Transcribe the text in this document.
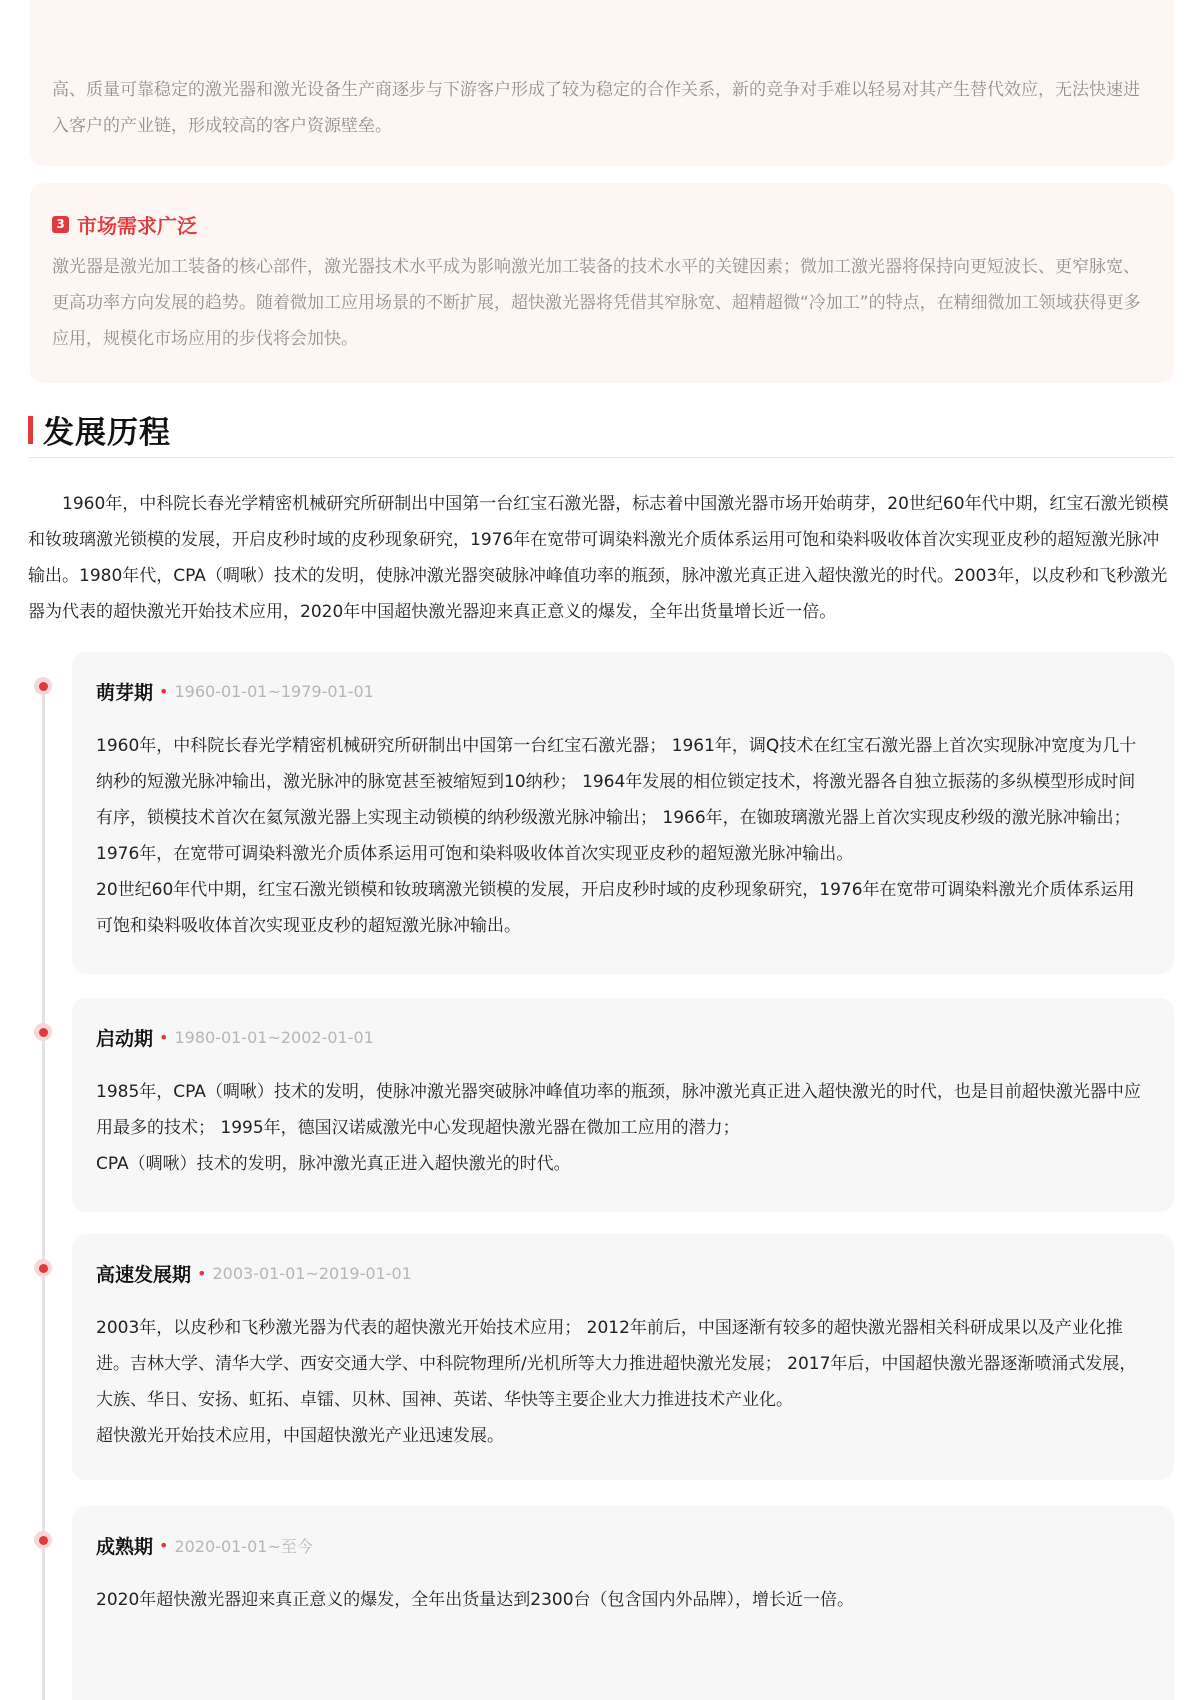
高、质量可靠稳定的激光器和激光设备生产商逐步与下游客户形成了较为稳定的合作关系，新的竞争对手难以轻易对其产生替代效应，无法快速进入客户的产业链，形成较高的客户资源壁垒。

3 市场需求广泛

激光器是激光加工装备的核心部件，激光器技术水平成为影响激光加工装备的技术水平的关键因素；微加工激光器将保持向更短波长、更窄脉宽、更高功率方向发展的趋势。随着微加工应用场景的不断扩展，超快激光器将凭借其窄脉宽、超精超微“冷加工”的特点，在精细微加工领域获得更多应用，规模化市场应用的步伐将会加快。

发展历程

1960年，中科院长春光学精密机械研究所研制出中国第一台红宝石激光器，标志着中国激光器市场开始萌芽，20世纪60年代中期，红宝石激光锁模和钕玻璃激光锁模的发展，开启皮秒时域的皮秒现象研究，1976年在宽带可调染料激光介质体系运用可饱和染料吸收体首次实现亚皮秒的超短激光脉冲输出。1980年代，CPA（啁啾）技术的发明，使脉冲激光器突破脉冲峰值功率的瓶颈，脉冲激光真正进入超快激光的时代。2003年，以皮秒和飞秒激光器为代表的超快激光开始技术应用，2020年中国超快激光器迎来真正意义的爆发，全年出货量增长近一倍。

萌芽期 • 1960-01-01~1979-01-01

1960年，中科院长春光学精密机械研究所研制出中国第一台红宝石激光器； 1961年，调Q技术在红宝石激光器上首次实现脉冲宽度为几十纳秒的短激光脉冲输出，激光脉冲的脉宽甚至被缩短到10纳秒； 1964年发展的相位锁定技术，将激光器各自独立振荡的多纵模型形成时间有序，锁模技术首次在氦氖激光器上实现主动锁模的纳秒级激光脉冲输出； 1966年，在铷玻璃激光器上首次实现皮秒级的激光脉冲输出； 1976年，在宽带可调染料激光介质体系运用可饱和染料吸收体首次实现亚皮秒的超短激光脉冲输出。

20世纪60年代中期，红宝石激光锁模和钕玻璃激光锁模的发展，开启皮秒时域的皮秒现象研究，1976年在宽带可调染料激光介质体系运用可饱和染料吸收体首次实现亚皮秒的超短激光脉冲输出。

启动期 • 1980-01-01~2002-01-01

1985年，CPA（啁啾）技术的发明，使脉冲激光器突破脉冲峰值功率的瓶颈，脉冲激光真正进入超快激光的时代，也是目前超快激光器中应用最多的技术； 1995年，德国汉诺威激光中心发现超快激光器在微加工应用的潜力；

CPA（啁啾）技术的发明，脉冲激光真正进入超快激光的时代。

高速发展期 • 2003-01-01~2019-01-01

2003年，以皮秒和飞秒激光器为代表的超快激光开始技术应用； 2012年前后，中国逐渐有较多的超快激光器相关科研成果以及产业化推进。吉林大学、清华大学、西安交通大学、中科院物理所/光机所等大力推进超快激光发展； 2017年后，中国超快激光器逐渐喷涌式发展，大族、华日、安扬、虹拓、卓镭、贝林、国神、英诺、华快等主要企业大力推进技术产业化。

超快激光开始技术应用，中国超快激光产业迅速发展。

成熟期 • 2020-01-01~至今

2020年超快激光器迎来真正意义的爆发，全年出货量达到2300台（包含国内外品牌），增长近一倍。
